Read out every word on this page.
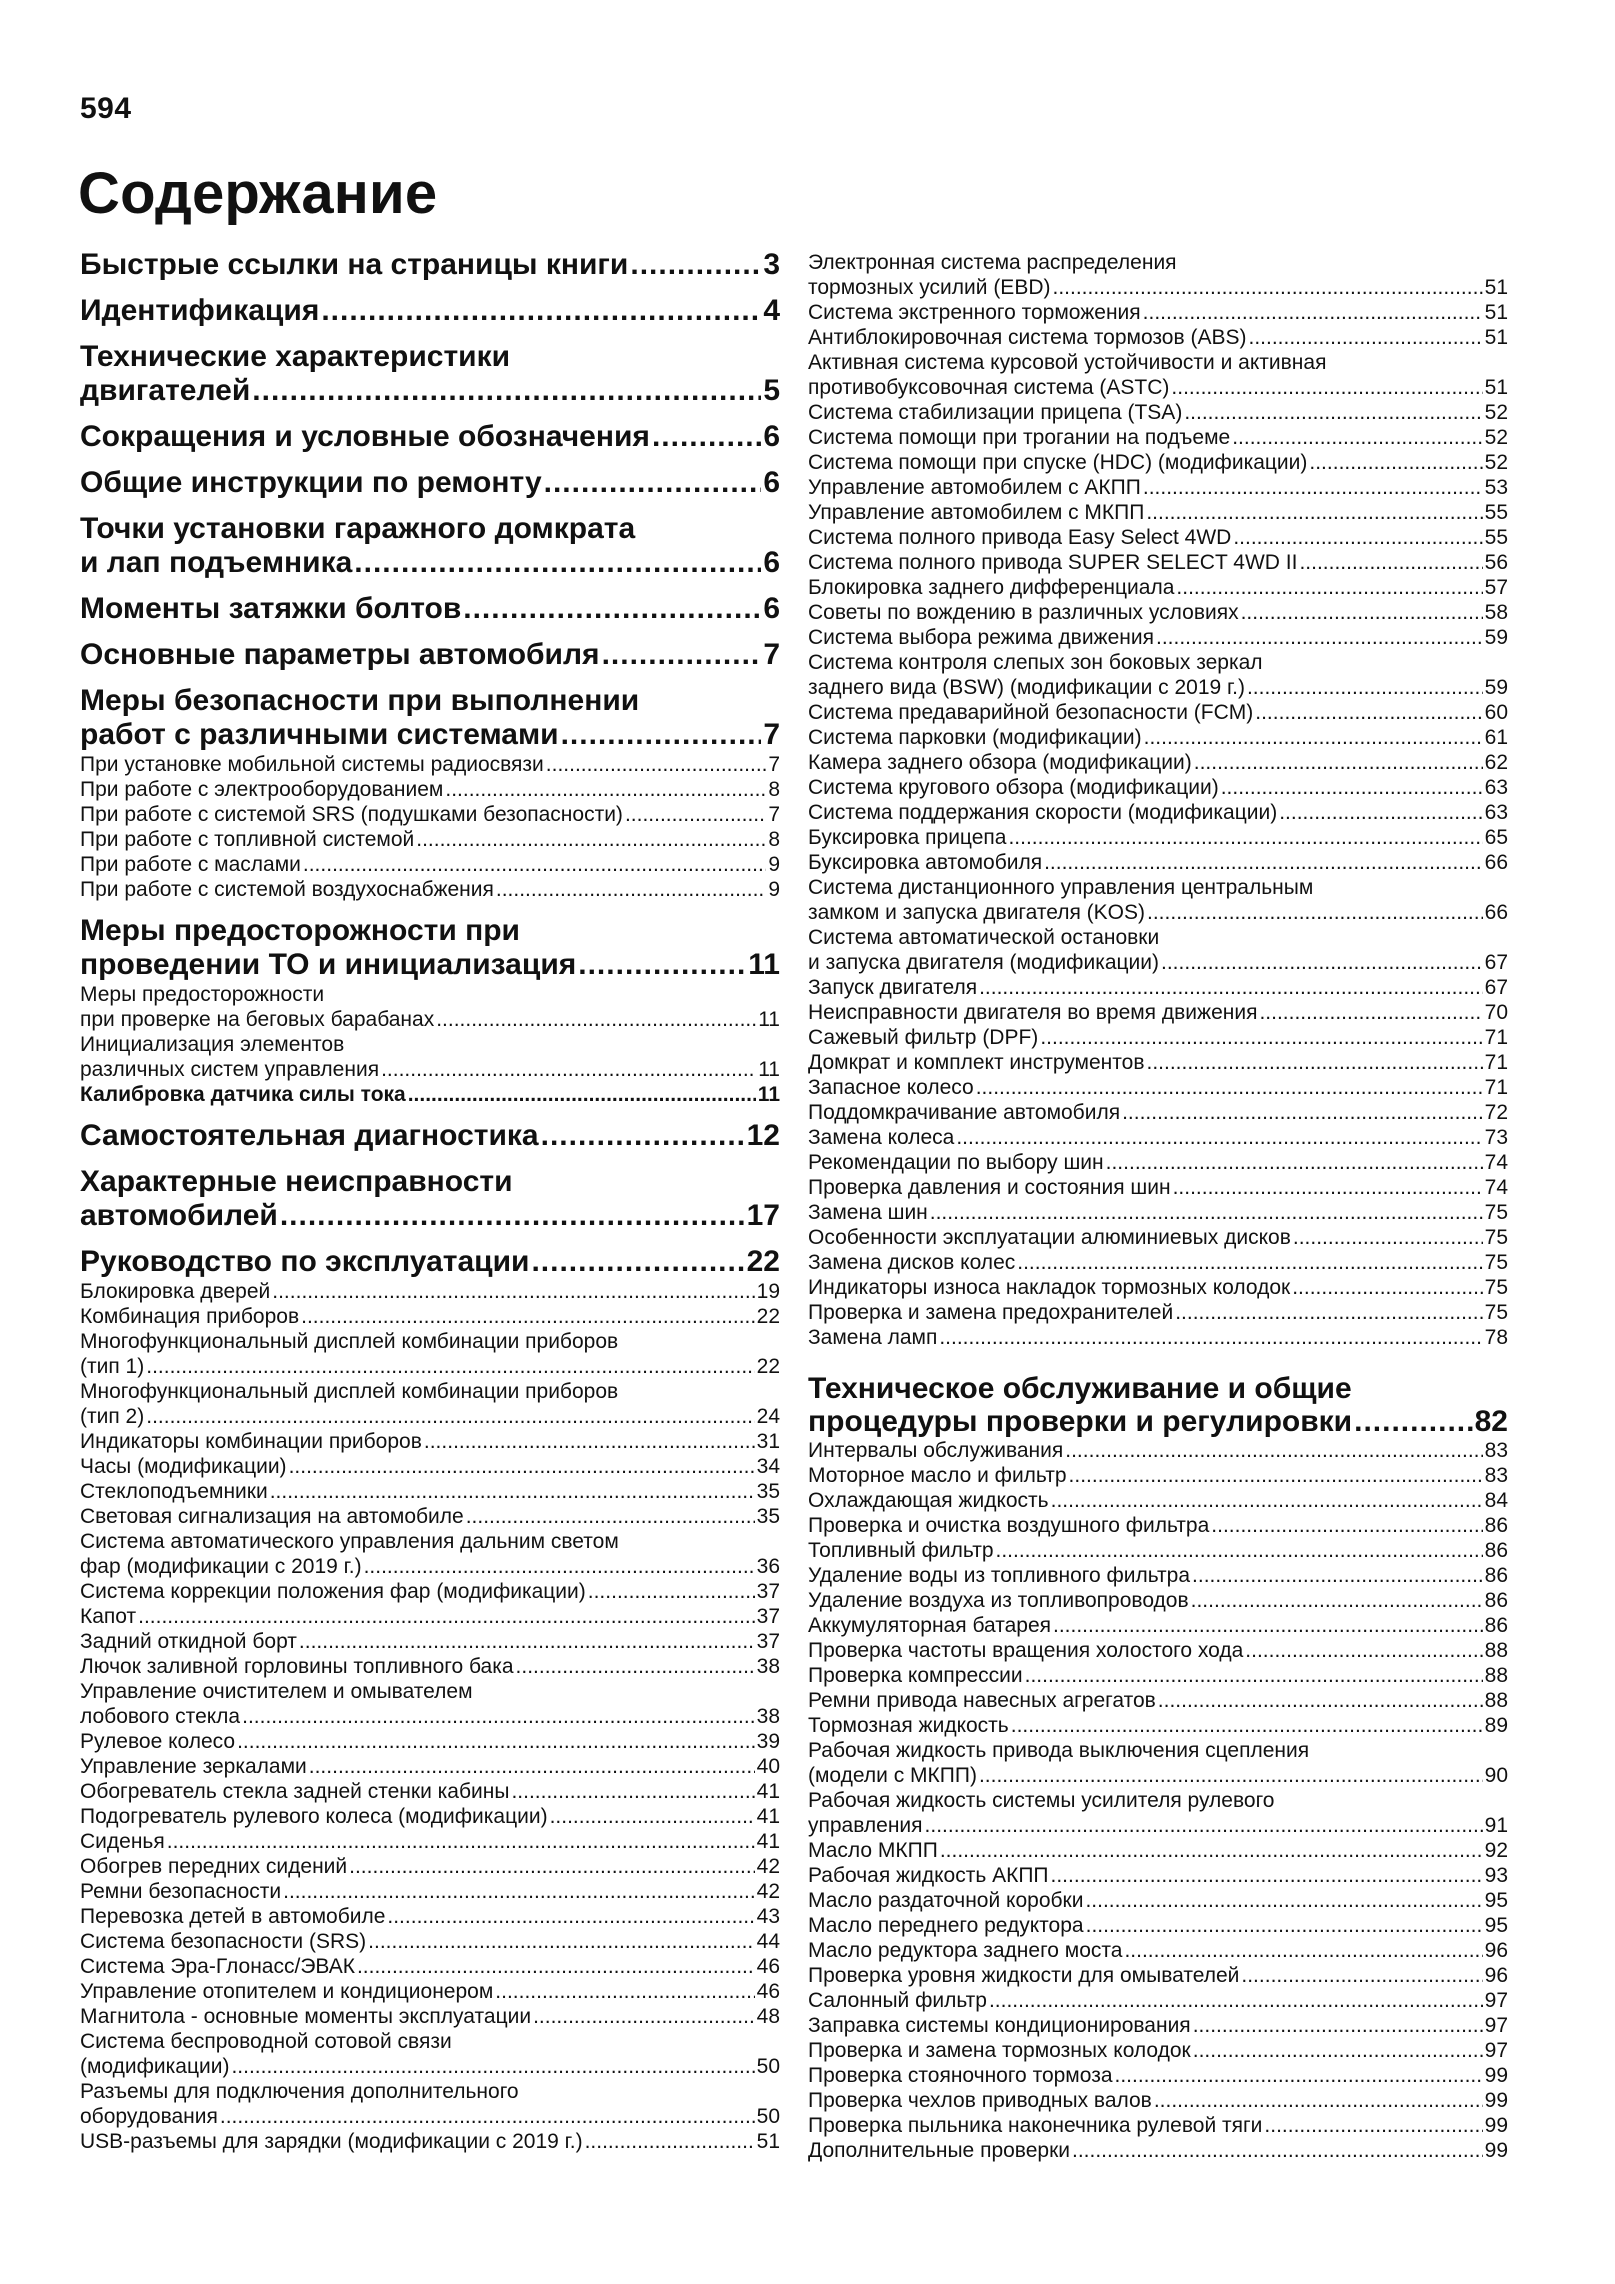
594
Содержание
Быстрые ссылки на страницы книги .....	3
Идентификация .....	4
Технические характеристики
двигателей .....	5
Сокращения и условные обозначения .....	6
Общие инструкции по ремонту .....	6
Точки установки гаражного домкрата
и лап подъемника .....	6
Моменты затяжки болтов .....	6
Основные параметры автомобиля .....	7
Меры безопасности при выполнении
работ с различными системами .....	7
При установке мобильной системы радиосвязи .....	7
При работе с электрооборудованием .....	8
При работе с системой SRS (подушками безопасности) .....	7
При работе с топливной системой .....	8
При работе с маслами .....	9
При работе с системой воздухоснабжения .....	9
Меры предосторожности при
проведении ТО и инициализация .....	11
Меры предосторожности
при проверке на беговых барабанах .....	11
Инициализация элементов
различных систем управления .....	11
Калибровка датчика силы тока .....	11
Самостоятельная диагностика .....	12
Характерные неисправности
автомобилей .....	17
Руководство по эксплуатации .....	22
Блокировка дверей .....	19
Комбинация приборов .....	22
Многофункциональный дисплей комбинации приборов
(тип 1) .....	22
Многофункциональный дисплей комбинации приборов
(тип 2) .....	24
Индикаторы комбинации приборов .....	31
Часы (модификации) .....	34
Стеклоподъемники .....	35
Световая сигнализация на автомобиле .....	35
Система автоматического управления дальним светом
фар (модификации с 2019 г.) .....	36
Система коррекции положения фар (модификации) .....	37
Капот .....	37
Задний откидной борт .....	37
Лючок заливной горловины топливного бака .....	38
Управление очистителем и омывателем
лобового стекла .....	38
Рулевое колесо .....	39
Управление зеркалами .....	40
Обогреватель стекла задней стенки кабины .....	41
Подогреватель рулевого колеса (модификации) .....	41
Сиденья .....	41
Обогрев передних сидений .....	42
Ремни безопасности .....	42
Перевозка детей в автомобиле .....	43
Система безопасности (SRS) .....	44
Система Эра-Глонасс/ЭВАК .....	46
Управление отопителем и кондиционером .....	46
Магнитола - основные моменты эксплуатации .....	48
Система беспроводной сотовой связи
(модификации) .....	50
Разъемы для подключения дополнительного
оборудования .....	50
USB-разъемы для зарядки (модификации с 2019 г.) .....	51
Электронная система распределения
тормозных усилий (EBD) .....	51
Система экстренного торможения .....	51
Антиблокировочная система тормозов (ABS) .....	51
Активная система курсовой устойчивости и активная
противобуксовочная система (ASTC) .....	51
Система стабилизации прицепа (TSA) .....	52
Система помощи при трогании на подъеме .....	52
Система помощи при спуске (HDC) (модификации) .....	52
Управление автомобилем с АКПП .....	53
Управление автомобилем с МКПП .....	55
Система полного привода Easy Select 4WD .....	55
Система полного привода SUPER SELECT 4WD II .....	56
Блокировка заднего дифференциала .....	57
Советы по вождению в различных условиях .....	58
Система выбора режима движения .....	59
Система контроля слепых зон боковых зеркал
заднего вида (BSW) (модификации с 2019 г.) .....	59
Система предаварийной безопасности (FCM) .....	60
Система парковки (модификации) .....	61
Камера заднего обзора (модификации) .....	62
Система кругового обзора (модификации) .....	63
Система поддержания скорости (модификации) .....	63
Буксировка прицепа .....	65
Буксировка автомобиля .....	66
Система дистанционного управления центральным
замком и запуска двигателя (KOS) .....	66
Система автоматической остановки
и запуска двигателя (модификации) .....	67
Запуск двигателя .....	67
Неисправности двигателя во время движения .....	70
Сажевый фильтр (DPF) .....	71
Домкрат и комплект инструментов .....	71
Запасное колесо .....	71
Поддомкрачивание автомобиля .....	72
Замена колеса .....	73
Рекомендации по выбору шин .....	74
Проверка давления и состояния шин .....	74
Замена шин .....	75
Особенности эксплуатации алюминиевых дисков .....	75
Замена дисков колес .....	75
Индикаторы износа накладок тормозных колодок .....	75
Проверка и замена предохранителей .....	75
Замена ламп .....	78
Техническое обслуживание и общие
процедуры проверки и регулировки .....	82
Интервалы обслуживания .....	83
Моторное масло и фильтр .....	83
Охлаждающая жидкость .....	84
Проверка и очистка воздушного фильтра .....	86
Топливный фильтр .....	86
Удаление воды из топливного фильтра .....	86
Удаление воздуха из топливопроводов .....	86
Аккумуляторная батарея .....	86
Проверка частоты вращения холостого хода .....	88
Проверка компрессии .....	88
Ремни привода навесных агрегатов .....	88
Тормозная жидкость .....	89
Рабочая жидкость привода выключения сцепления
(модели с МКПП) .....	90
Рабочая жидкость системы усилителя рулевого
управления .....	91
Масло МКПП .....	92
Рабочая жидкость АКПП .....	93
Масло раздаточной коробки .....	95
Масло переднего редуктора .....	95
Масло редуктора заднего моста .....	96
Проверка уровня жидкости для омывателей .....	96
Салонный фильтр .....	97
Заправка системы кондиционирования .....	97
Проверка и замена тормозных колодок .....	97
Проверка стояночного тормоза .....	99
Проверка чехлов приводных валов .....	99
Проверка пыльника наконечника рулевой тяги .....	99
Дополнительные проверки .....	99
